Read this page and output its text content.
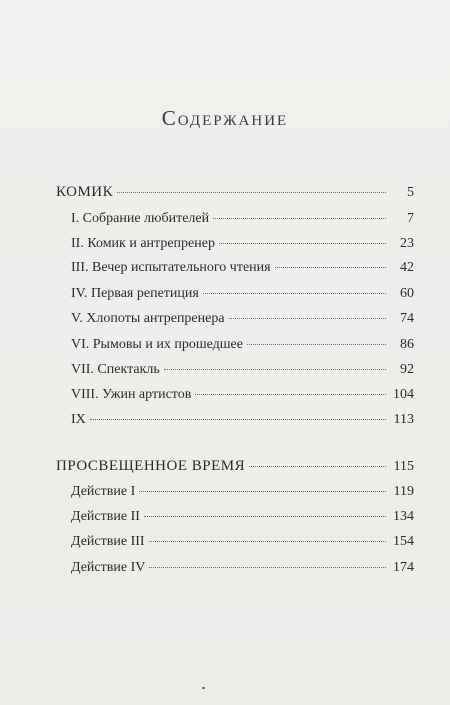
Содержание
КОМИК	5
I. Собрание любителей	7
II. Комик и антрепренер	23
III. Вечер испытательного чтения	42
IV. Первая репетиция	60
V. Хлопоты антрепренера	74
VI. Рымовы и их прошедшее	86
VII. Спектакль	92
VIII. Ужин артистов	104
IX	113
ПРОСВЕЩЕННОЕ ВРЕМЯ	115
Действие I	119
Действие II	134
Действие III	154
Действие IV	174
